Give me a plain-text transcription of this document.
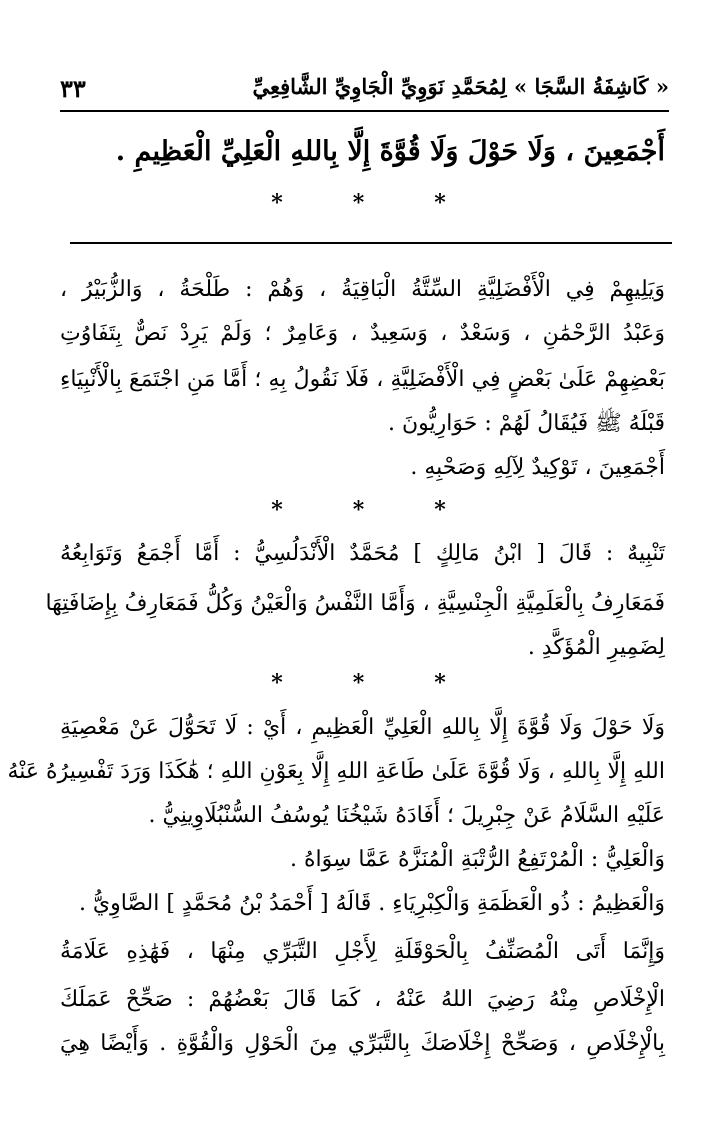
٣٣	« كَاشِفَةُ السَّجَا » لِمُحَمَّدِ نَوَوِيِّ الْجَاوِيِّ الشَّافِعِيِّ
أَجْمَعِينَ ، وَلَا حَوْلَ وَلَا قُوَّةَ إِلَّا بِاللهِ الْعَلِيِّ الْعَظِيمِ .
*	*	*
وَيَلِيهِمْ فِي الْأَفْضَلِيَّةِ السِّتَّةُ الْبَاقِيَةُ ، وَهُمْ : طَلْحَةُ ، وَالزُّبَيْرُ ،
وَعَبْدُ الرَّحْمَٰنِ ، وَسَعْدٌ ، وَسَعِيدٌ ، وَعَامِرٌ ؛ وَلَمْ يَرِدْ نَصٌّ بِتَفَاوُتِ
بَعْضِهِمْ عَلَىٰ بَعْضٍ فِي الْأَفْضَلِيَّةِ ، فَلَا نَقُولُ بِهِ ؛ أَمَّا مَنِ اجْتَمَعَ بِالْأَنْبِيَاءِ
قَبْلَهُ ﷺ فَيُقَالُ لَهُمْ : حَوَارِيُّونَ .
أَجْمَعِينَ ، تَوْكِيدٌ لِآلِهِ وَصَحْبِهِ .
*	*	*
تَنْبِيهٌ : قَالَ [ ابْنُ مَالِكٍ ] مُحَمَّدٌ الْأَنْدَلُسِيُّ : أَمَّا أَجْمَعُ وَتَوَابِعُهُ
فَمَعَارِفُ بِالْعَلَمِيَّةِ الْجِنْسِيَّةِ ، وَأَمَّا النَّفْسُ وَالْعَيْنُ وَكُلُّ فَمَعَارِفُ بِإِضَافَتِهَا
لِضَمِيرِ الْمُؤَكَّدِ .
*	*	*
وَلَا حَوْلَ وَلَا قُوَّةَ إِلَّا بِاللهِ الْعَلِيِّ الْعَظِيمِ ، أَيْ : لَا تَحَوُّلَ عَنْ مَعْصِيَةِ
اللهِ إِلَّا بِاللهِ ، وَلَا قُوَّةَ عَلَىٰ طَاعَةِ اللهِ إِلَّا بِعَوْنِ اللهِ ؛ هَٰكَذَا وَرَدَ تَفْسِيرُهُ عَنْهُ
عَلَيْهِ السَّلَامُ عَنْ جِبْرِيلَ ؛ أَفَادَهُ شَيْخُنَا يُوسُفُ السُّنْبُلَاوِينِيُّ .
وَالْعَلِيُّ : الْمُرْتَفِعُ الرُّتْبَةِ الْمُنَزَّهُ عَمَّا سِوَاهُ .
وَالْعَظِيمُ : ذُو الْعَظَمَةِ وَالْكِبْرِيَاءِ . قَالَهُ [ أَحْمَدُ بْنُ مُحَمَّدٍ ] الصَّاوِيُّ .
وَإِنَّمَا أَتَى الْمُصَنِّفُ بِالْحَوْقَلَةِ لِأَجْلِ التَّبَرِّي مِنْهَا ، فَهَٰذِهِ عَلَامَةُ
الْإِخْلَاصِ مِنْهُ رَضِيَ اللهُ عَنْهُ ، كَمَا قَالَ بَعْضُهُمْ : صَحِّحْ عَمَلَكَ
بِالْإِخْلَاصِ ، وَصَحِّحْ إِخْلَاصَكَ بِالتَّبَرِّي مِنَ الْحَوْلِ وَالْقُوَّةِ . وَأَيْضًا هِيَ
